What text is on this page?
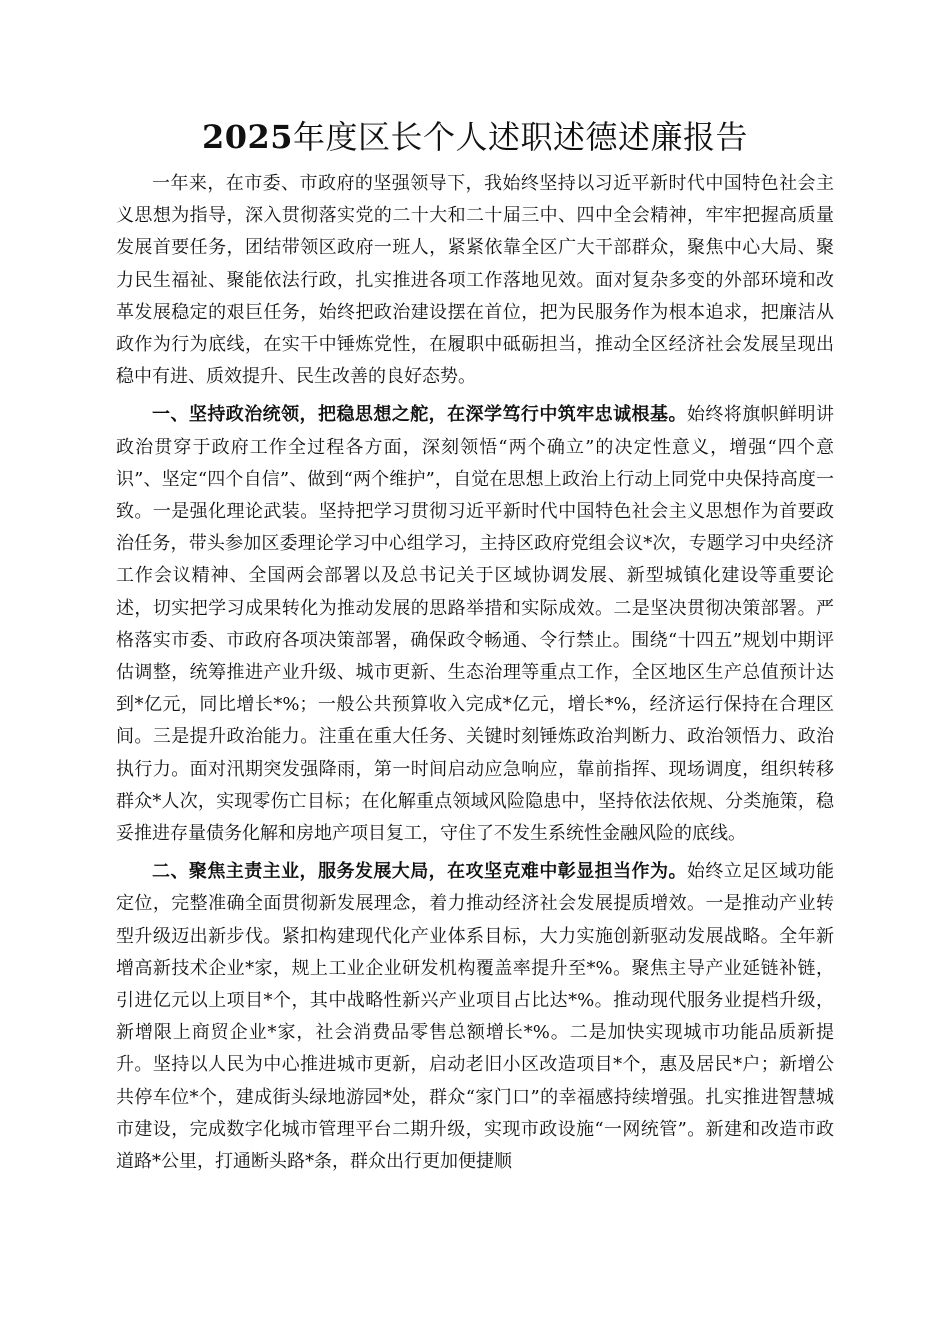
2025年度区长个人述职述德述廉报告

一年来，在市委、市政府的坚强领导下，我始终坚持以习近平新时代中国特色社会主义思想为指导，深入贯彻落实党的二十大和二十届三中、四中全会精神，牢牢把握高质量发展首要任务，团结带领区政府一班人，紧紧依靠全区广大干部群众，聚焦中心大局、聚力民生福祉、聚能依法行政，扎实推进各项工作落地见效。面对复杂多变的外部环境和改革发展稳定的艰巨任务，始终把政治建设摆在首位，把为民服务作为根本追求，把廉洁从政作为行为底线，在实干中锤炼党性，在履职中砥砺担当，推动全区经济社会发展呈现出稳中有进、质效提升、民生改善的良好态势。

一、坚持政治统领，把稳思想之舵，在深学笃行中筑牢忠诚根基。始终将旗帜鲜明讲政治贯穿于政府工作全过程各方面，深刻领悟“两个确立”的决定性意义，增强“四个意识”、坚定“四个自信”、做到“两个维护”，自觉在思想上政治上行动上同党中央保持高度一致。一是强化理论武装。坚持把学习贯彻习近平新时代中国特色社会主义思想作为首要政治任务，带头参加区委理论学习中心组学习，主持区政府党组会议*次，专题学习中央经济工作会议精神、全国两会部署以及总书记关于区域协调发展、新型城镇化建设等重要论述，切实把学习成果转化为推动发展的思路举措和实际成效。二是坚决贯彻决策部署。严格落实市委、市政府各项决策部署，确保政令畅通、令行禁止。围绕“十四五”规划中期评估调整，统筹推进产业升级、城市更新、生态治理等重点工作，全区地区生产总值预计达到*亿元，同比增长*%；一般公共预算收入完成*亿元，增长*%，经济运行保持在合理区间。三是提升政治能力。注重在重大任务、关键时刻锤炼政治判断力、政治领悟力、政治执行力。面对汛期突发强降雨，第一时间启动应急响应，靠前指挥、现场调度，组织转移群众*人次，实现零伤亡目标；在化解重点领域风险隐患中，坚持依法依规、分类施策，稳妥推进存量债务化解和房地产项目复工，守住了不发生系统性金融风险的底线。

二、聚焦主责主业，服务发展大局，在攻坚克难中彰显担当作为。始终立足区域功能定位，完整准确全面贯彻新发展理念，着力推动经济社会发展提质增效。一是推动产业转型升级迈出新步伐。紧扣构建现代化产业体系目标，大力实施创新驱动发展战略。全年新增高新技术企业*家，规上工业企业研发机构覆盖率提升至*%。聚焦主导产业延链补链，引进亿元以上项目*个，其中战略性新兴产业项目占比达*%。推动现代服务业提档升级，新增限上商贸企业*家，社会消费品零售总额增长*%。二是加快实现城市功能品质新提升。坚持以人民为中心推进城市更新，启动老旧小区改造项目*个，惠及居民*户；新增公共停车位*个，建成街头绿地游园*处，群众“家门口”的幸福感持续增强。扎实推进智慧城市建设，完成数字化城市管理平台二期升级，实现市政设施“一网统管”。新建和改造市政道路*公里，打通断头路*条，群众出行更加便捷顺
